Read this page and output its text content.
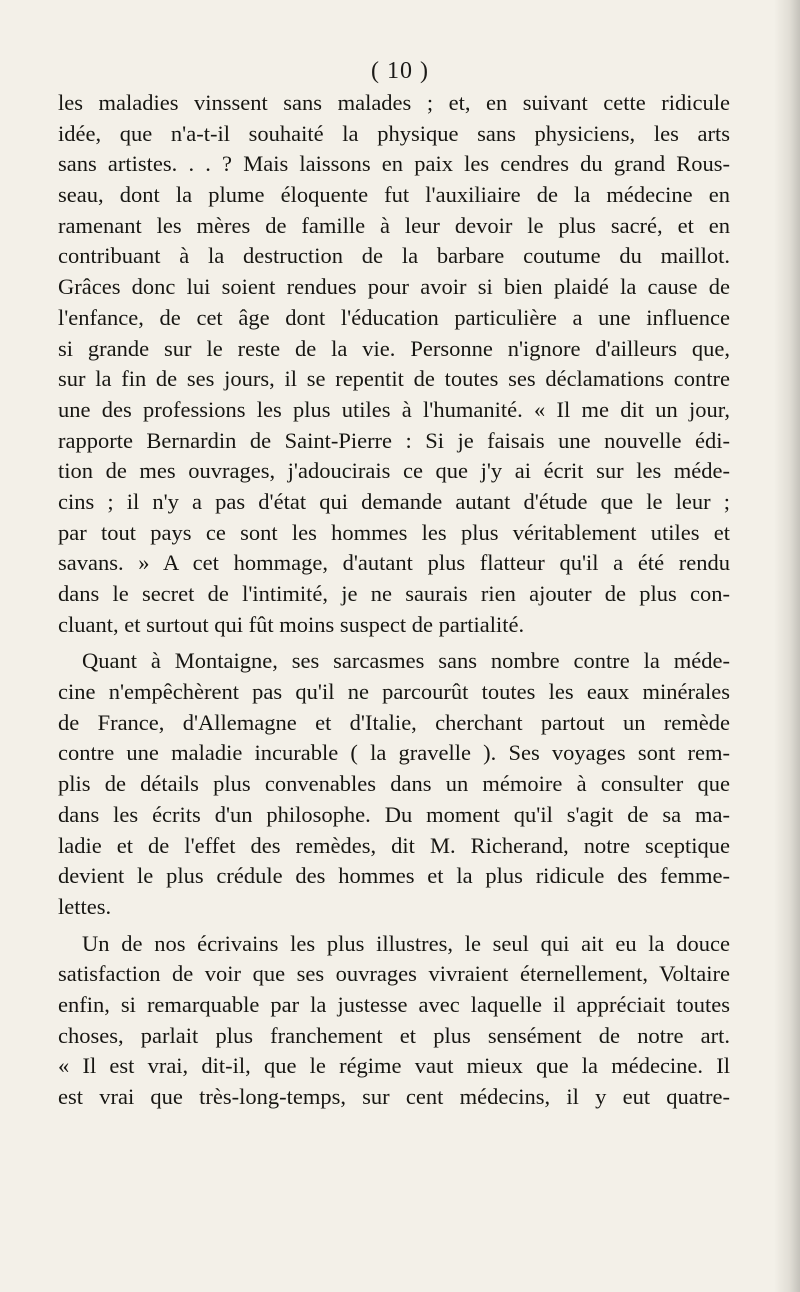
( 10 )
les maladies vinssent sans malades ; et, en suivant cette ridicule
idée, que n'a-t-il souhaité la physique sans physiciens, les arts
sans artistes. . . ? Mais laissons en paix les cendres du grand Rous-
seau, dont la plume éloquente fut l'auxiliaire de la médecine en
ramenant les mères de famille à leur devoir le plus sacré, et en
contribuant à la destruction de la barbare coutume du maillot.
Grâces donc lui soient rendues pour avoir si bien plaidé la cause de
l'enfance, de cet âge dont l'éducation particulière a une influence
si grande sur le reste de la vie. Personne n'ignore d'ailleurs que,
sur la fin de ses jours, il se repentit de toutes ses déclamations contre
une des professions les plus utiles à l'humanité. « Il me dit un jour,
rapporte Bernardin de Saint-Pierre : Si je faisais une nouvelle édi-
tion de mes ouvrages, j'adoucirais ce que j'y ai écrit sur les méde-
cins ; il n'y a pas d'état qui demande autant d'étude que le leur ;
par tout pays ce sont les hommes les plus véritablement utiles et
savans. » A cet hommage, d'autant plus flatteur qu'il a été rendu
dans le secret de l'intimité, je ne saurais rien ajouter de plus con-
cluant, et surtout qui fût moins suspect de partialité.
Quant à Montaigne, ses sarcasmes sans nombre contre la méde-
cine n'empêchèrent pas qu'il ne parcourût toutes les eaux minérales
de France, d'Allemagne et d'Italie, cherchant partout un remède
contre une maladie incurable ( la gravelle ). Ses voyages sont rem-
plis de détails plus convenables dans un mémoire à consulter que
dans les écrits d'un philosophe. Du moment qu'il s'agit de sa ma-
ladie et de l'effet des remèdes, dit M. Richerand, notre sceptique
devient le plus crédule des hommes et la plus ridicule des femme-
lettes.
Un de nos écrivains les plus illustres, le seul qui ait eu la douce
satisfaction de voir que ses ouvrages vivraient éternellement, Voltaire
enfin, si remarquable par la justesse avec laquelle il appréciait toutes
choses, parlait plus franchement et plus sensément de notre art.
« Il est vrai, dit-il, que le régime vaut mieux que la médecine. Il
est vrai que très-long-temps, sur cent médecins, il y eut quatre-
